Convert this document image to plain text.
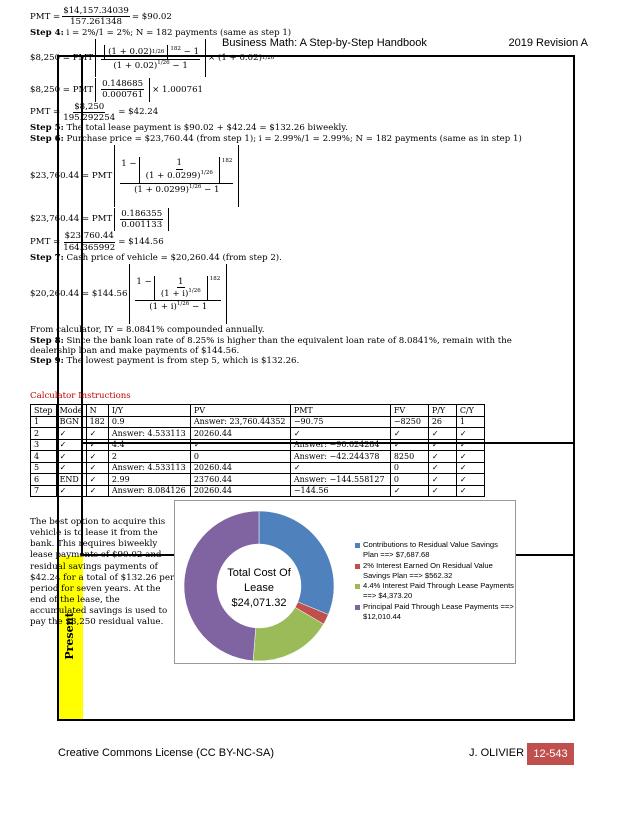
Business Math: A Step-by-Step Handbook	2019 Revision A
Present
PMT = $\frac{\$14,157.34039}{157.261348}$ = $90.02
Step 4:
i = 2%/1 = 2%; N = 182 payments (same as step 1)
$8,250 = PMT
(1 + 0.02) 1/26 $^{182}$ − 1
$(1 + 0.02)^{1/26} - 1$
× (1 + 0.02) 1/26
$8,250 = PMT
0.148685
0.000761
× 1.000761
PMT = $\frac{\$8,250}{195.292254}$ = $42.24
Step 5:
The total lease payment is $90.02 + $42.24 = $132.26 biweekly.
Step 6:
Purchase price = $23,760.44 (from step 1); i = 2.99%/1 = 2.99%; N = 182 payments (same as in step 1)
$23,760.44 = PMT
1 −	1
$(1 + 0.0299)^{1/26}$
$^{182}$
$(1 + 0.0299)^{1/26} - 1$
$23,760.44 = PMT
0.186355
0.001133
PMT = $\frac{\$23,760.44}{164.365992}$ = $144.56
Step 7:
Cash price of vehicle = $20,260.44 (from step 2).
$20,260.44 = $144.56
1 −	1
$(1 + i)^{1/26}$
$^{182}$
$(1 + i)^{1/26} - 1$
From calculator, IY = 8.0841% compounded annually.
Step 8:
Since the bank loan rate of 8.25% is higher than the equivalent loan rate of 8.0841%, remain with the
dealership loan and make payments of $144.56.
Step 9:
The lowest payment is from step 5, which is $132.26.
Calculator Instructions
Step	Mode	N	I/Y	PV	PMT	FV	P/Y	C/Y
1	BGN	182	0.9	Answer: 23,760.44352	−90.75	−8250	26	1
2	✓	✓	Answer: 4.533113	20260.44	✓	✓	✓	✓
3	✓	✓	4.4	✓	Answer: −90.024284	✓	✓	✓
4	✓	✓	2	0	Answer: −42.244378	8250	✓	✓
5	✓	✓	Answer: 4.533113	20260.44	✓	0	✓	✓
6	END	✓	2.99	23760.44	Answer: −144.558127	0	✓	✓
7	✓	✓	Answer: 8.084126	20260.44	−144.56	✓	✓	✓
The best option to acquire this vehicle is to lease it from the bank. This requires biweekly lease payments of $90.02 and residual savings payments of $42.24 for a total of $132.26 per period for seven years. At the end of the lease, the accumulated savings is used to pay the $8,250 residual value.
Total Cost Of
Lease
$24,071.32
Contributions to Residual Value Savings Plan ==> $7,687.68
2% Interest Earned On Residual Value Savings Plan ==> $562.32
4.4% Interest Paid Through Lease Payments ==> $4,373.20
Principal Paid Through Lease Payments ==> $12,010.44
Creative Commons License (CC BY-NC-SA)	J. OLIVIER 12-543
